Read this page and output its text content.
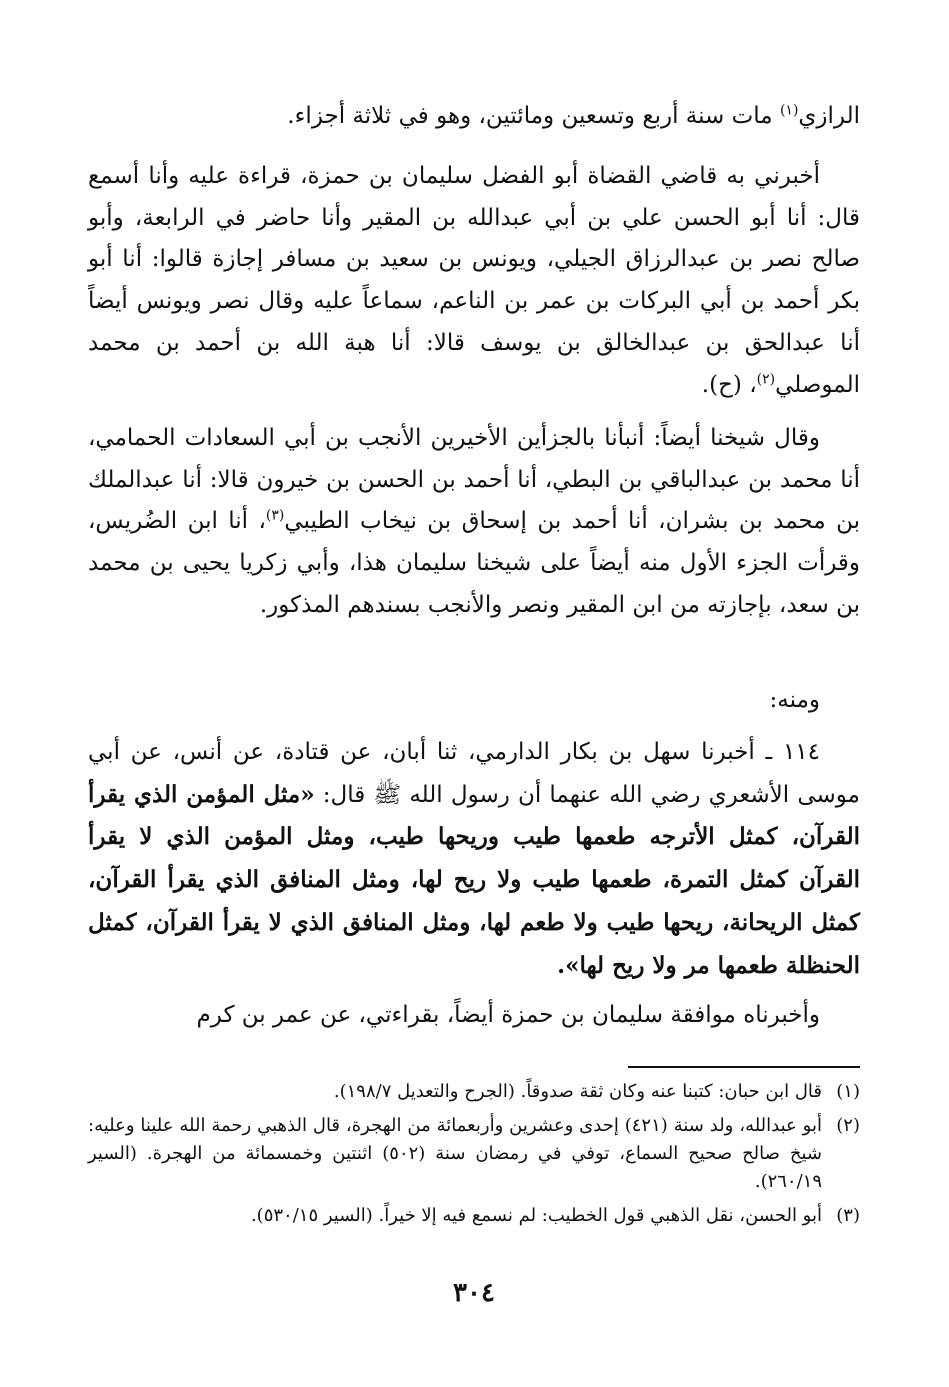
الرازي$^{(١)}$ مات سنة أربع وتسعين ومائتين، وهو في ثلاثة أجزاء.

أخبرني به قاضي القضاة أبو الفضل سليمان بن حمزة، قراءة عليه وأنا أسمع قال: أنا أبو الحسن علي بن أبي عبدالله بن المقير وأنا حاضر في الرابعة، وأبو صالح نصر بن عبدالرزاق الجيلي، ويونس بن سعيد بن مسافر إجازة قالوا: أنا أبو بكر أحمد بن أبي البركات بن عمر بن الناعم، سماعاً عليه وقال نصر ويونس أيضاً أنا عبدالحق بن عبدالخالق بن يوسف قالا: أنا هبة الله بن أحمد بن محمد الموصلي$^{(٢)}$، (ح).

وقال شيخنا أيضاً: أنبأنا بالجزأين الأخيرين الأنجب بن أبي السعادات الحمامي، أنا محمد بن عبدالباقي بن البطي، أنا أحمد بن الحسن بن خيرون قالا: أنا عبدالملك بن محمد بن بشران، أنا أحمد بن إسحاق بن نيخاب الطيبي$^{(٣)}$، أنا ابن الضُريس، وقرأت الجزء الأول منه أيضاً على شيخنا سليمان هذا، وأبي زكريا يحيى بن محمد بن سعد، بإجازته من ابن المقير ونصر والأنجب بسندهم المذكور.

ومنه:

١١٤ ـ أخبرنا سهل بن بكار الدارمي، ثنا أبان، عن قتادة، عن أنس، عن أبي موسى الأشعري رضي الله عنهما أن رسول الله ﷺ قال: «مثل المؤمن الذي يقرأ القرآن، كمثل الأترجه طعمها طيب وريحها طيب، ومثل المؤمن الذي لا يقرأ القرآن كمثل التمرة، طعمها طيب ولا ريح لها، ومثل المنافق الذي يقرأ القرآن، كمثل الريحانة، ريحها طيب ولا طعم لها، ومثل المنافق الذي لا يقرأ القرآن، كمثل الحنظلة طعمها مر ولا ريح لها».

وأخبرناه موافقة سليمان بن حمزة أيضاً، بقراءتي، عن عمر بن كرم

(١)
قال ابن حبان: كتبنا عنه وكان ثقة صدوقاً. (الجرح والتعديل ١٩٨/٧).
(٢)
أبو عبدالله، ولد سنة (٤٢١) إحدى وعشرين وأربعمائة من الهجرة، قال الذهبي رحمة الله علينا وعليه: شيخ صالح صحيح السماع، توفي في رمضان سنة (٥٠٢) اثنتين وخمسمائة من الهجرة. (السير ٢٦٠/١٩).
(٣)
أبو الحسن، نقل الذهبي قول الخطيب: لم نسمع فيه إلا خيراً. (السير ٥٣٠/١٥).
٣٠٤
